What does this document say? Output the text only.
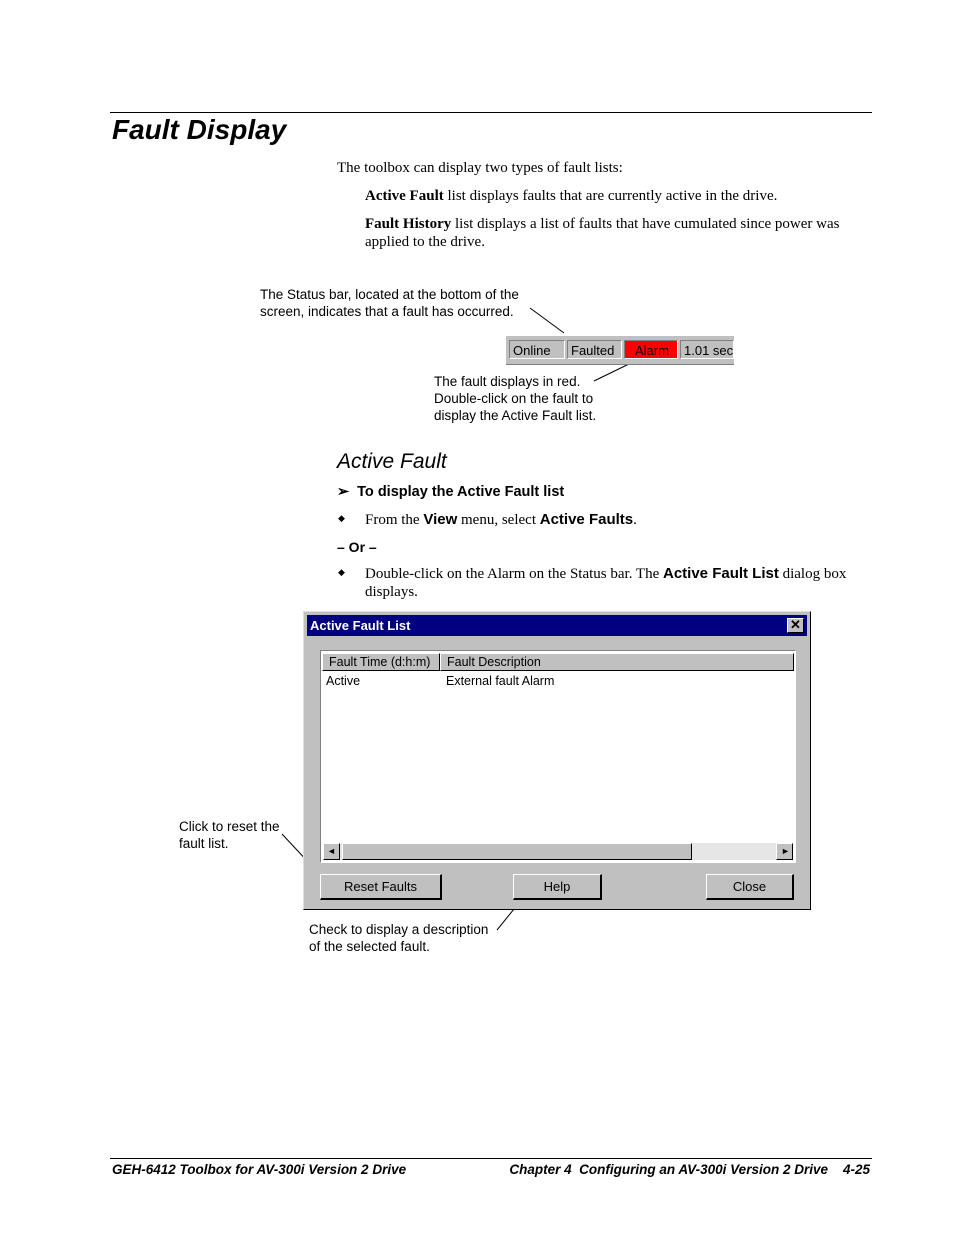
Fault Display
The toolbox can display two types of fault lists:
Active Fault list displays faults that are currently active in the drive.
Fault History list displays a list of faults that have cumulated since power was
applied to the drive.
The Status bar, located at the bottom of the
screen, indicates that a fault has occurred.
Online	Faulted	Alarm	1.01 sec
The fault displays in red.
Double-click on the fault to
display the Active Fault list.
Active Fault
➢ To display the Active Fault list
◆ From the View menu, select Active Faults.
– Or –
◆ Double-click on the Alarm on the Status bar. The Active Fault List dialog box
displays.
Active Fault List	✕
Fault Time (d:h:m)	Fault Description
Active	External fault Alarm
◄	►
Reset Faults	Help	Close
Click to reset the
fault list.
Check to display a description
of the selected fault.
GEH-6412 Toolbox for AV-300i Version 2 Drive	Chapter 4  Configuring an AV-300i Version 2 Drive    4-25
